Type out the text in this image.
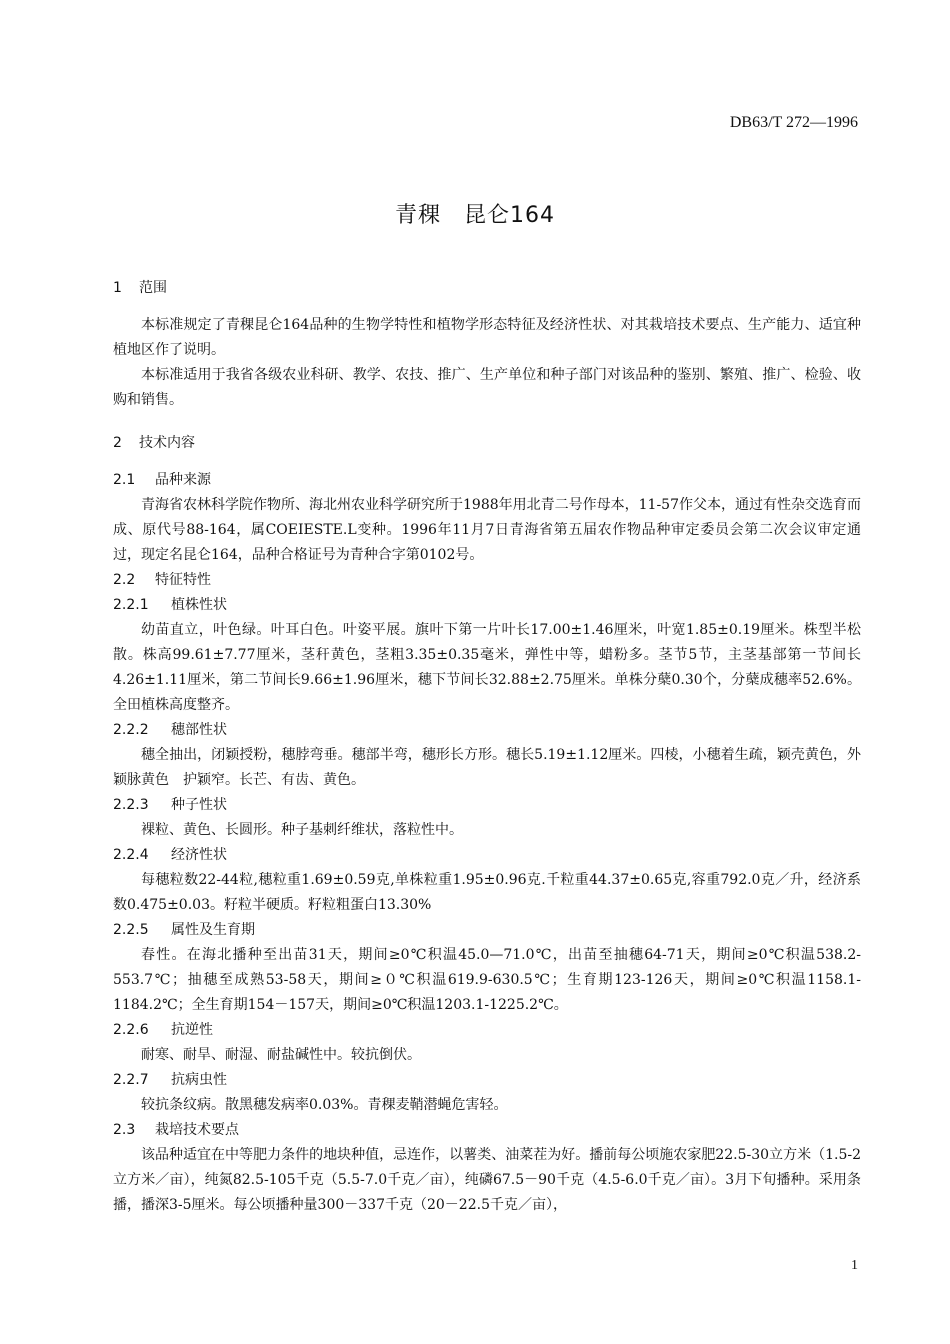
DB63/T 272—1996
青稞　昆仑164

1 范围

本标准规定了青稞昆仑164品种的生物学特性和植物学形态特征及经济性状、对其栽培技术要点、生产能力、适宜种植地区作了说明。

本标准适用于我省各级农业科研、教学、农技、推广、生产单位和种子部门对该品种的鉴别、繁殖、推广、检验、收购和销售。

2 技术内容

2.1 品种来源

青海省农林科学院作物所、海北州农业科学研究所于1988年用北青二号作母本，11-57作父本，通过有性杂交选育而成、原代号88-164，属COEIESTE.L变种。1996年11月7日青海省第五届农作物品种审定委员会第二次会议审定通过，现定名昆仑164，品种合格证号为青种合字第0102号。

2.2 特征特性

2.2.1 植株性状

幼苗直立，叶色绿。叶耳白色。叶姿平展。旗叶下第一片叶长17.00±1.46厘米，叶宽1.85±0.19厘米。株型半松散。株高99.61±7.77厘米，茎秆黄色，茎粗3.35±0.35毫米，弹性中等，蜡粉多。茎节5节，主茎基部第一节间长4.26±1.11厘米，第二节间长9.66±1.96厘米，穗下节间长32.88±2.75厘米。单株分蘖0.30个，分蘖成穗率52.6%。全田植株高度整齐。

2.2.2 穗部性状

穗全抽出，闭颖授粉，穗脖弯垂。穗部半弯，穗形长方形。穗长5.19±1.12厘米。四棱，小穗着生疏，颖壳黄色，外颖脉黄色　护颖窄。长芒、有齿、黄色。

2.2.3 种子性状

裸粒、黄色、长圆形。种子基刺纤维状，落粒性中。

2.2.4 经济性状

每穗粒数22-44粒,穗粒重1.69±0.59克,单株粒重1.95±0.96克.千粒重44.37±0.65克,容重792.0克／升，经济系数0.475±0.03。籽粒半硬质。籽粒粗蛋白13.30%

2.2.5 属性及生育期

春性。在海北播种至出苗31天，期间≥0℃积温45.0—71.0℃，出苗至抽穗64-71天，期间≥0℃积温538.2-553.7℃；抽穗至成熟53-58天，期间≥０℃积温619.9-630.5℃；生育期123-126天，期间≥0℃积温1158.1-1184.2℃；全生育期154－157天，期间≥0℃积温1203.1-1225.2℃。

2.2.6 抗逆性

耐寒、耐旱、耐湿、耐盐碱性中。较抗倒伏。

2.2.7 抗病虫性

较抗条纹病。散黑穗发病率0.03%。青稞麦鞘潜蝇危害轻。

2.3 栽培技术要点

该品种适宜在中等肥力条件的地块种值，忌连作，以薯类、油菜茬为好。播前每公顷施农家肥22.5-30立方米（1.5-2立方米／亩），纯氮82.5-105千克（5.5-7.0千克／亩），纯磷67.5－90千克（4.5-6.0千克／亩）。3月下旬播种。采用条播，播深3-5厘米。每公顷播种量300－337千克（20－22.5千克／亩），

1
